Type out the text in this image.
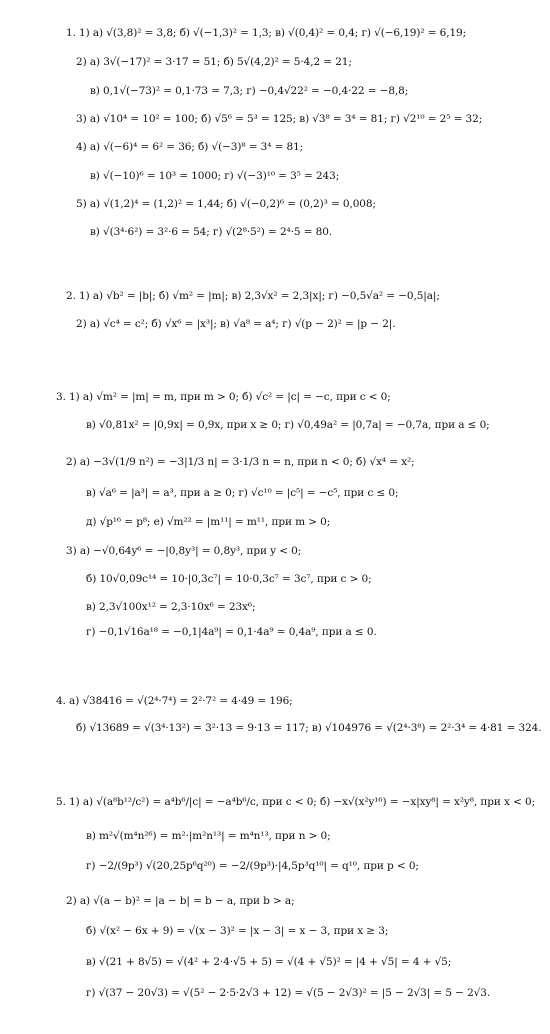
1. 1) а) √(3,8)² = 3,8; б) √(−1,3)² = 1,3; в) √(0,4)² = 0,4; г) √(−6,19)² = 6,19;
2) а) 3√(−17)² = 3·17 = 51; б) 5√(4,2)² = 5·4,2 = 21;
в) 0,1√(−73)² = 0,1·73 = 7,3; г) −0,4√22² = −0,4·22 = −8,8;
3) а) √10⁴ = 10² = 100; б) √5⁶ = 5³ = 125; в) √3⁸ = 3⁴ = 81; г) √2¹⁰ = 2⁵ = 32;
4) а) √(−6)⁴ = 6² = 36; б) √(−3)⁸ = 3⁴ = 81;
в) √(−10)⁶ = 10³ = 1000; г) √(−3)¹⁰ = 3⁵ = 243;
5) а) √(1,2)⁴ = (1,2)² = 1,44; б) √(−0,2)⁶ = (0,2)³ = 0,008;
в) √(3⁴·6²) = 3²·6 = 54; г) √(2⁸·5²) = 2⁴·5 = 80.
2. 1) а) √b² = |b|; б) √m² = |m|; в) 2,3√x² = 2,3|x|; г) −0,5√a² = −0,5|a|;
2) а) √c⁴ = c²; б) √x⁶ = |x³|; в) √a⁸ = a⁴; г) √(p − 2)² = |p − 2|.
3. 1) а) √m² = |m| = m, при m > 0; б) √c² = |c| = −c, при c < 0;
в) √0,81x² = |0,9x| = 0,9x, при x ≥ 0; г) √0,49a² = |0,7a| = −0,7a, при a ≤ 0;
2) а) −3√(1/9 n²) = −3|1/3 n| = 3·1/3 n = n, при n < 0; б) √x⁴ = x²;
в) √a⁶ = |a³| = a³, при a ≥ 0; г) √c¹⁰ = |c⁵| = −c⁵, при c ≤ 0;
д) √p¹⁶ = p⁸; е) √m²² = |m¹¹| = m¹¹, при m > 0;
3) а) −√0,64y⁶ = −|0,8y³| = 0,8y³, при y < 0;
б) 10√0,09c¹⁴ = 10·|0,3c⁷| = 10·0,3c⁷ = 3c⁷, при c > 0;
в) 2,3√100x¹² = 2,3·10x⁶ = 23x⁶;
г) −0,1√16a¹⁸ = −0,1|4a⁹| = 0,1·4a⁹ = 0,4a⁹, при a ≤ 0.
4. а) √38416 = √(2⁴·7⁴) = 2²·7² = 4·49 = 196;
б) √13689 = √(3⁴·13²) = 3²·13 = 9·13 = 117; в) √104976 = √(2⁴·3⁸) = 2²·3⁴ = 4·81 = 324.
5. 1) а) √(a⁸b¹²/c²) = a⁴b⁶/|c| = −a⁴b⁶/c, при c < 0; б) −x√(x²y¹⁶) = −x|xy⁸| = x²y⁸, при x < 0;
в) m²√(m⁴n²⁶) = m²·|m²n¹³| = m⁴n¹³, при n > 0;
г) −2/(9p³) √(20,25p⁶q²⁰) = −2/(9p³)·|4,5p³q¹⁰| = q¹⁰, при p < 0;
2) а) √(a − b)² = |a − b| = b − a, при b > a;
б) √(x² − 6x + 9) = √(x − 3)² = |x − 3| = x − 3, при x ≥ 3;
в) √(21 + 8√5) = √(4² + 2·4·√5 + 5) = √(4 + √5)² = |4 + √5| = 4 + √5;
г) √(37 − 20√3) = √(5² − 2·5·2√3 + 12) = √(5 − 2√3)² = |5 − 2√3| = 5 − 2√3.
